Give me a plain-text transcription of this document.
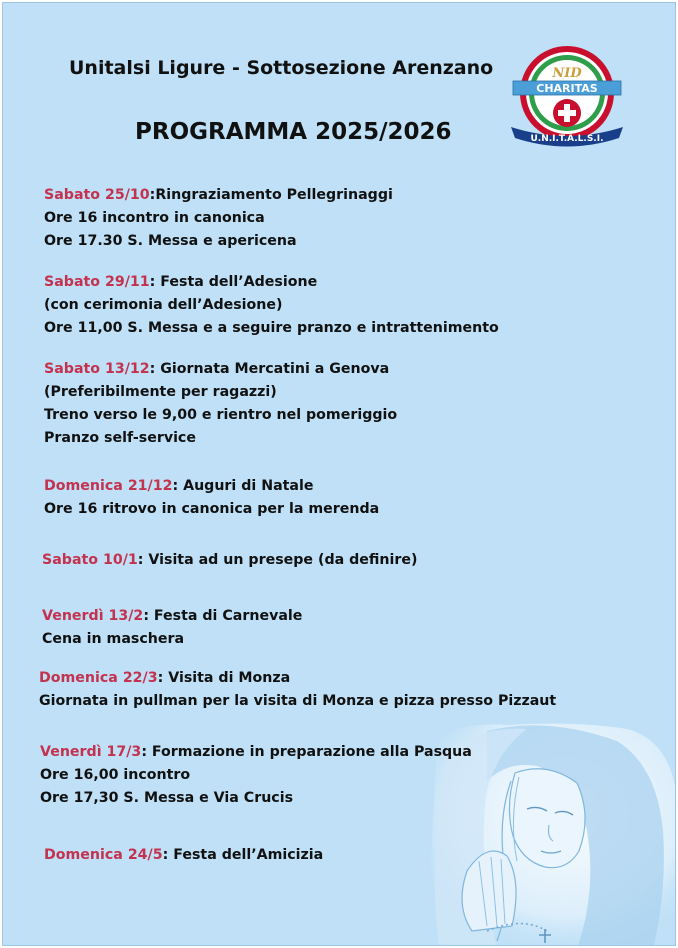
Unitalsi Ligure - Sottosezione Arenzano
PROGRAMMA 2025/2026
NID
CHARITAS
U.N.I.T.A.L.S.I.
Sabato 25/10:Ringraziamento Pellegrinaggi
Ore 16 incontro in canonica
Ore 17.30 S. Messa e apericena
Sabato 29/11: Festa dell’Adesione
(con cerimonia dell’Adesione)
Ore 11,00 S. Messa e a seguire pranzo e intrattenimento
Sabato 13/12: Giornata Mercatini a Genova
(Preferibilmente per ragazzi)
Treno verso le 9,00 e rientro nel pomeriggio
Pranzo self-service
Domenica 21/12: Auguri di Natale
Ore 16 ritrovo in canonica per la merenda
Sabato 10/1: Visita ad un presepe (da definire)
Venerdì 13/2: Festa di Carnevale
Cena in maschera
Domenica 22/3: Visita di Monza
Giornata in pullman per la visita di Monza e pizza presso Pizzaut
Venerdì 17/3: Formazione in preparazione alla Pasqua
Ore 16,00 incontro
Ore 17,30 S. Messa e Via Crucis
Domenica 24/5: Festa dell’Amicizia
